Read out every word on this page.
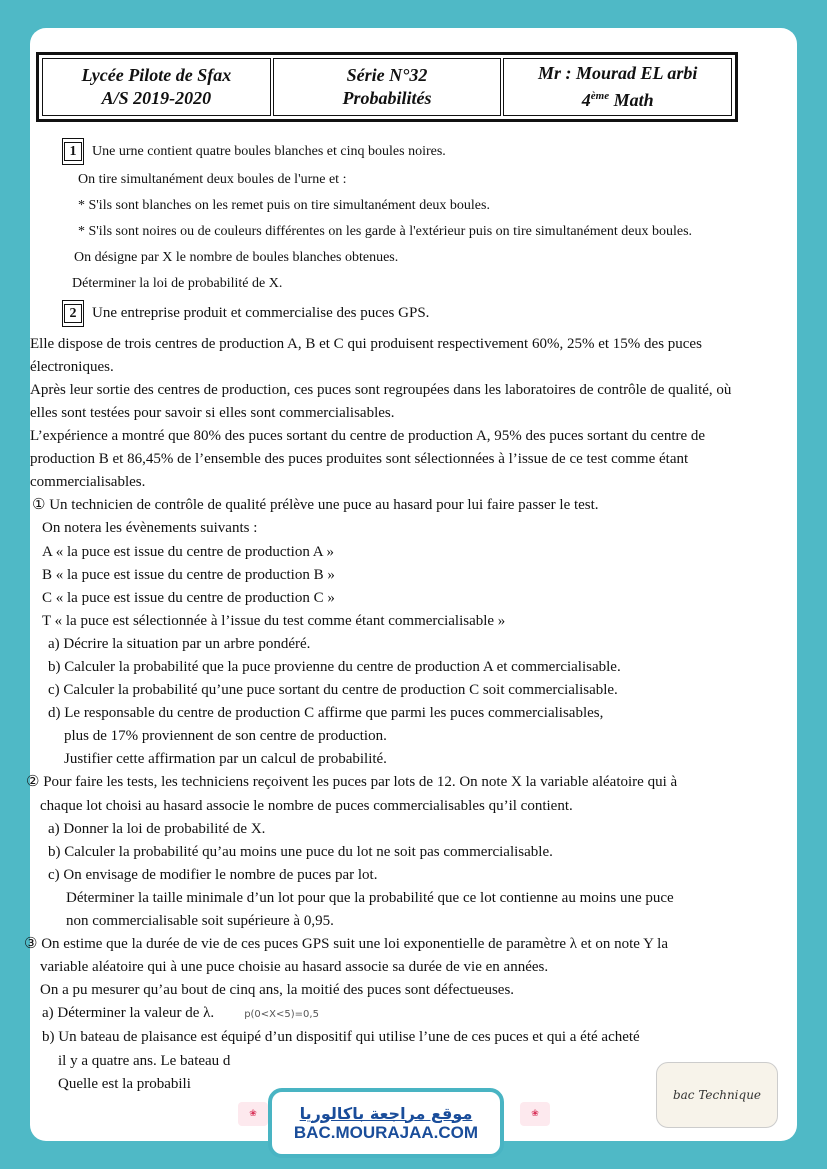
Lycée Pilote de Sfax
A/S 2019-2020
Série N°32
Probabilités
Mr : Mourad EL arbi
4ème Math
1 Une urne contient quatre boules blanches et cinq boules noires.
On tire simultanément deux boules de l'urne et :
* S'ils sont blanches on les remet puis on tire simultanément deux boules.
* S'ils sont noires ou de couleurs différentes on les garde à l'extérieur puis on tire simultanément deux boules.
On désigne par X le nombre de boules blanches obtenues.
Déterminer la loi de probabilité de X.
2 Une entreprise produit et commercialise des puces GPS.
Elle dispose de trois centres de production A, B et C qui produisent respectivement 60%, 25% et 15% des puces électroniques.
Après leur sortie des centres de production, ces puces sont regroupées dans les laboratoires de contrôle de qualité, où elles sont testées pour savoir si elles sont commercialisables.
L’expérience a montré que 80% des puces sortant du centre de production A, 95% des puces sortant du centre de production B et 86,45% de l’ensemble des puces produites sont sélectionnées à l’issue de ce test comme étant commercialisables.
① Un technicien de contrôle de qualité prélève une puce au hasard pour lui faire passer le test.
On notera les évènements suivants :
A « la puce est issue du centre de production A »
B « la puce est issue du centre de production B »
C « la puce est issue du centre de production C »
T « la puce est sélectionnée à l’issue du test comme étant commercialisable »
a) Décrire la situation par un arbre pondéré.
b) Calculer la probabilité que la puce provienne du centre de production A et commercialisable.
c) Calculer la probabilité qu’une puce sortant du centre de production C soit commercialisable.
d) Le responsable du centre de production C affirme que parmi les puces commercialisables,
plus de 17% proviennent de son centre de production.
Justifier cette affirmation par un calcul de probabilité.
② Pour faire les tests, les techniciens reçoivent les puces par lots de 12. On note X la variable aléatoire qui à
chaque lot choisi au hasard associe le nombre de puces commercialisables qu’il contient.
a) Donner la loi de probabilité de X.
b) Calculer la probabilité qu’au moins une puce du lot ne soit pas commercialisable.
c) On envisage de modifier le nombre de puces par lot.
Déterminer la taille minimale d’un lot pour que la probabilité que ce lot contienne au moins une puce
non commercialisable soit supérieure à 0,95.
③ On estime que la durée de vie de ces puces GPS suit une loi exponentielle de paramètre λ et on note Y la
variable aléatoire qui à une puce choisie au hasard associe sa durée de vie en années.
On a pu mesurer qu’au bout de cinq ans, la moitié des puces sont défectueuses.
a) Déterminer la valeur de λ.	p(0<X<5)=0,5
b) Un bateau de plaisance est équipé d’un dispositif qui utilise l’une de ces puces et qui a été acheté
il y a quatre ans. Le bateau d
Quelle est la probabili
bac Technique
❀	❀
موقع مراجعة باكالوريا
BAC.MOURAJAA.COM
